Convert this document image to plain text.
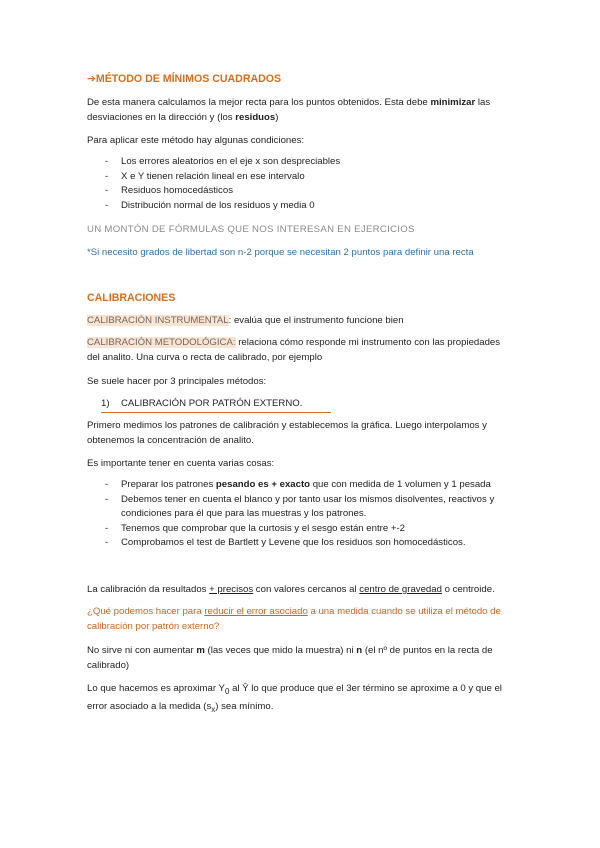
➔MÉTODO DE MÍNIMOS CUADRADOS

De esta manera calculamos la mejor recta para los puntos obtenidos. Esta debe minimizar las desviaciones en la dirección y (los residuos)

Para aplicar este método hay algunas condiciones:

- Los errores aleatorios en el eje x son despreciables
- X e Y tienen relación lineal en ese intervalo
- Residuos homocedásticos
- Distribución normal de los residuos y media 0

UN MONTÓN DE FÓRMULAS QUE NOS INTERESAN EN EJERCICIOS

*Si necesito grados de libertad son n-2 porque se necesitan 2 puntos para definir una recta

CALIBRACIONES

CALIBRACIÓN INSTRUMENTAL: evalúa que el instrumento funcione bien

CALIBRACIÓN METODOLÓGICA: relaciona cómo responde mi instrumento con las propiedades del analito. Una curva o recta de calibrado, por ejemplo

Se suele hacer por 3 principales métodos:

1) CALIBRACIÓN POR PATRÓN EXTERNO.

Primero medimos los patrones de calibración y establecemos la gráfica. Luego interpolamos y obtenemos la concentración de analito.

Es importante tener en cuenta varias cosas:

- Preparar los patrones pesando es + exacto que con medida de 1 volumen y 1 pesada
- Debemos tener en cuenta el blanco y por tanto usar los mismos disolventes, reactivos y condiciones para él que para las muestras y los patrones.
- Tenemos que comprobar que la curtosis y el sesgo están entre +-2
- Comprobamos el test de Bartlett y Levene que los residuos son homocedásticos.

La calibración da resultados + precisos con valores cercanos al centro de gravedad o centroide.

¿Qué podemos hacer para reducir el error asociado a una medida cuando se utiliza el método de calibración por patrón externo?

No sirve ni con aumentar m (las veces que mido la muestra) ni n (el nº de puntos en la recta de calibrado)

Lo que hacemos es aproximar $Y_0$ al Ȳ lo que produce que el 3er término se aproxime a 0 y que el error asociado a la medida $(s_x)$ sea mínimo.
